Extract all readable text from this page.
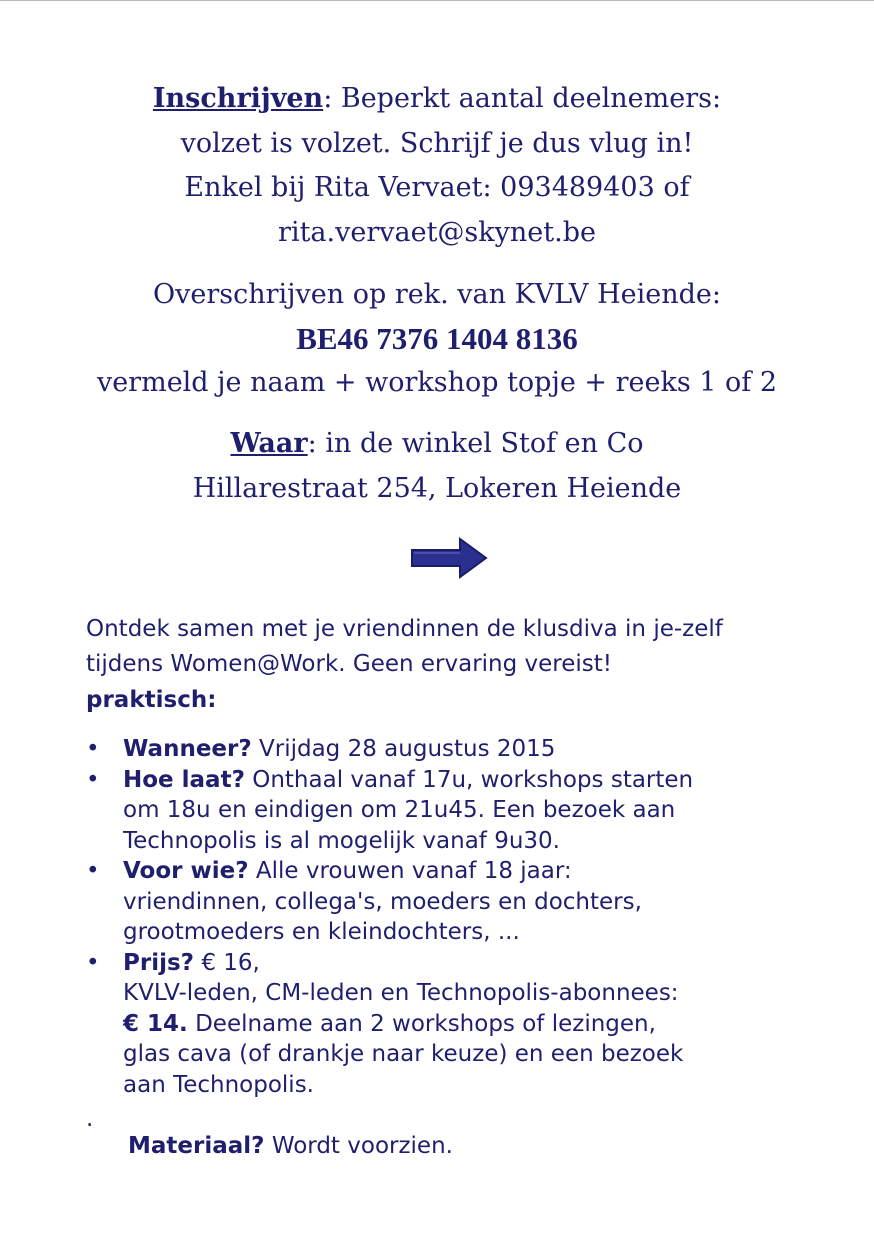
Inschrijven: Beperkt aantal deelnemers:
volzet is volzet. Schrijf je dus vlug in!
Enkel bij Rita Vervaet: 093489403 of
rita.vervaet@skynet.be
Overschrijven op rek. van KVLV Heiende:
BE46 7376 1404 8136
vermeld je naam + workshop topje + reeks 1 of 2
Waar: in de winkel Stof en Co
Hillarestraat 254, Lokeren Heiende
Ontdek samen met je vriendinnen de klusdiva in je-zelf tijdens Women@Work. Geen ervaring vereist!
praktisch:
• Wanneer? Vrijdag 28 augustus 2015
• Hoe laat? Onthaal vanaf 17u, workshops starten
om 18u en eindigen om 21u45. Een bezoek aan
Technopolis is al mogelijk vanaf 9u30.
• Voor wie? Alle vrouwen vanaf 18 jaar:
vriendinnen, collega's, moeders en dochters,
grootmoeders en kleindochters, ...
• Prijs? € 16,
KVLV-leden, CM-leden en Technopolis-abonnees:
€ 14. Deelname aan 2 workshops of lezingen,
glas cava (of drankje naar keuze) en een bezoek
aan Technopolis.
.
Materiaal? Wordt voorzien.
